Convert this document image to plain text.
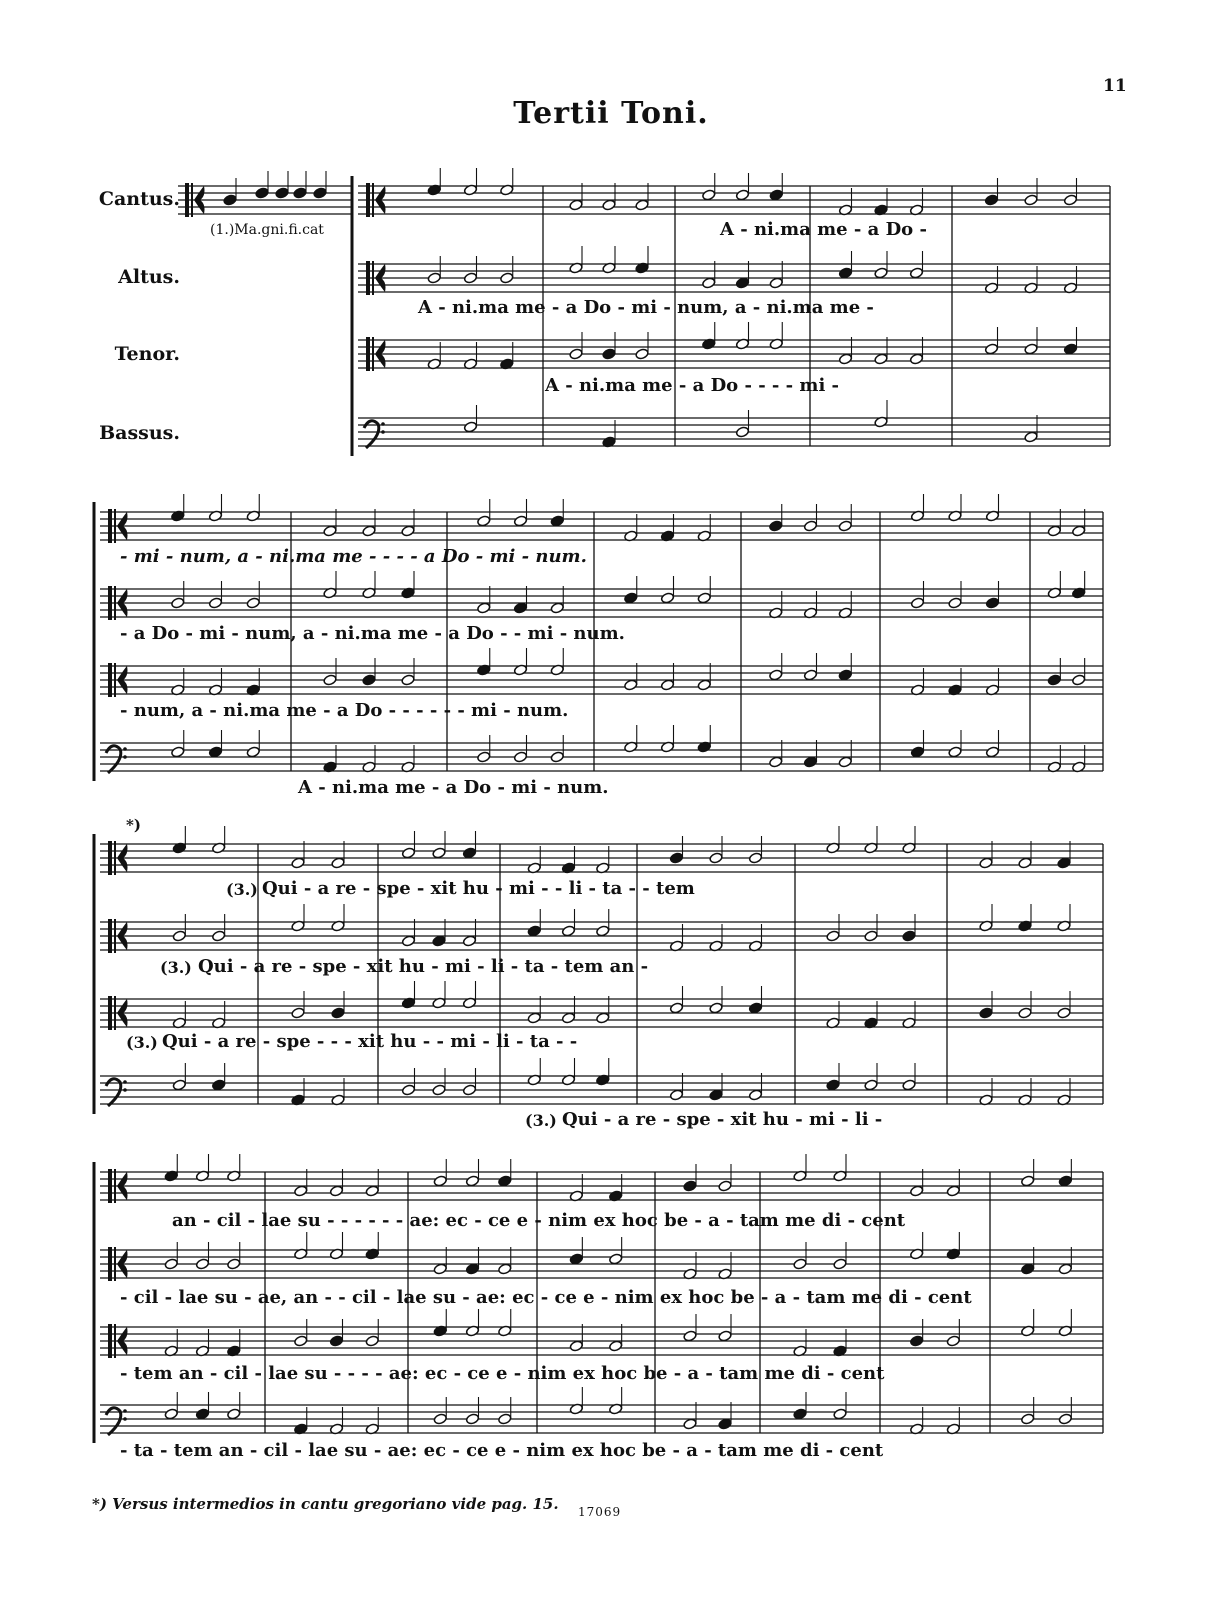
11
Tertii Toni.
Cantus.
Altus.
Tenor.
Bassus.
(1.)Ma.gni.fi.cat
*)
A - ni.ma me - a Do -
A - ni.ma me - a Do - mi - num, a - ni.ma me -
A - ni.ma me - a Do - - - - mi -
- mi - num, a - ni.ma me - - - - a Do - mi - num.
- a Do - mi - num, a - ni.ma me - a Do - - mi - num.
- num, a - ni.ma me - a Do - - - - - - mi - num.
A - ni.ma me - a Do - mi - num.
(3.) Qui - a re - spe - xit hu - mi - - li - ta - - tem
(3.) Qui - a re - spe - xit hu - mi - li - ta - tem an -
(3.) Qui - a re - spe - - - xit hu - - mi - li - ta - -
(3.) Qui - a re - spe - xit hu - mi - li -
an - cil - lae su - - - - - - ae: ec - ce e - nim ex hoc be - a - tam me di - cent
- cil - lae su - ae, an - - cil - lae su - ae: ec - ce e - nim ex hoc be - a - tam me di - cent
- tem an - cil - lae su - - - - ae: ec - ce e - nim ex hoc be - a - tam me di - cent
- ta - tem an - cil - lae su - ae: ec - ce e - nim ex hoc be - a - tam me di - cent
*) Versus intermedios in cantu gregoriano vide pag. 15. 17069
